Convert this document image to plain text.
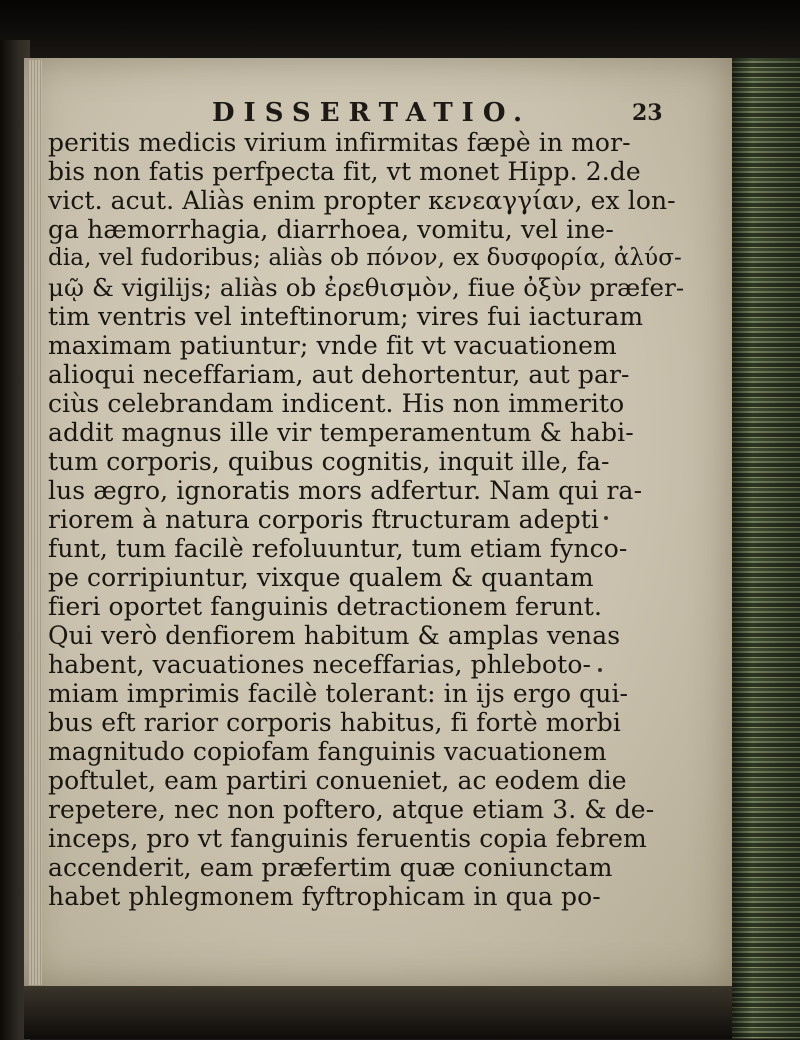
DISSERTATIO.	23
peritis medicis virium infirmitas fæpè in mor-
bis non fatis perfpecta fit, vt monet Hipp. 2.de
vict. acut. Aliàs enim propter κενεαγγίαν, ex lon-
ga hæmorrhagia, diarrhoea, vomitu, vel ine-
dia, vel fudoribus; aliàs ob πόνον, ex δυσφορία, ἀλύσ-
μῷ & vigilijs; aliàs ob ἐρεθισμὸν, fiue ὀξὺν præfer-
tim ventris vel inteftinorum; vires fui iacturam
maximam patiuntur; vnde fit vt vacuationem
alioqui neceffariam, aut dehortentur, aut par-
ciùs celebrandam indicent. His non immerito
addit magnus ille vir temperamentum & habi-
tum corporis, quibus cognitis, inquit ille, fa-
lus ægro, ignoratis mors adfertur. Nam qui ra-
riorem à natura corporis ftructuram adepti
funt, tum facilè refoluuntur, tum etiam fynco-
pe corripiuntur, vixque qualem & quantam
fieri oportet fanguinis detractionem ferunt.
Qui verò denfiorem habitum & amplas venas
habent, vacuationes neceffarias, phleboto-
miam imprimis facilè tolerant: in ijs ergo qui-
bus eft rarior corporis habitus, fi fortè morbi
magnitudo copiofam fanguinis vacuationem
poftulet, eam partiri conueniet, ac eodem die
repetere, nec non poftero, atque etiam 3. & de-
inceps, pro vt fanguinis feruentis copia febrem
accenderit, eam præfertim quæ coniunctam
habet phlegmonem fyftrophicam in qua po-
